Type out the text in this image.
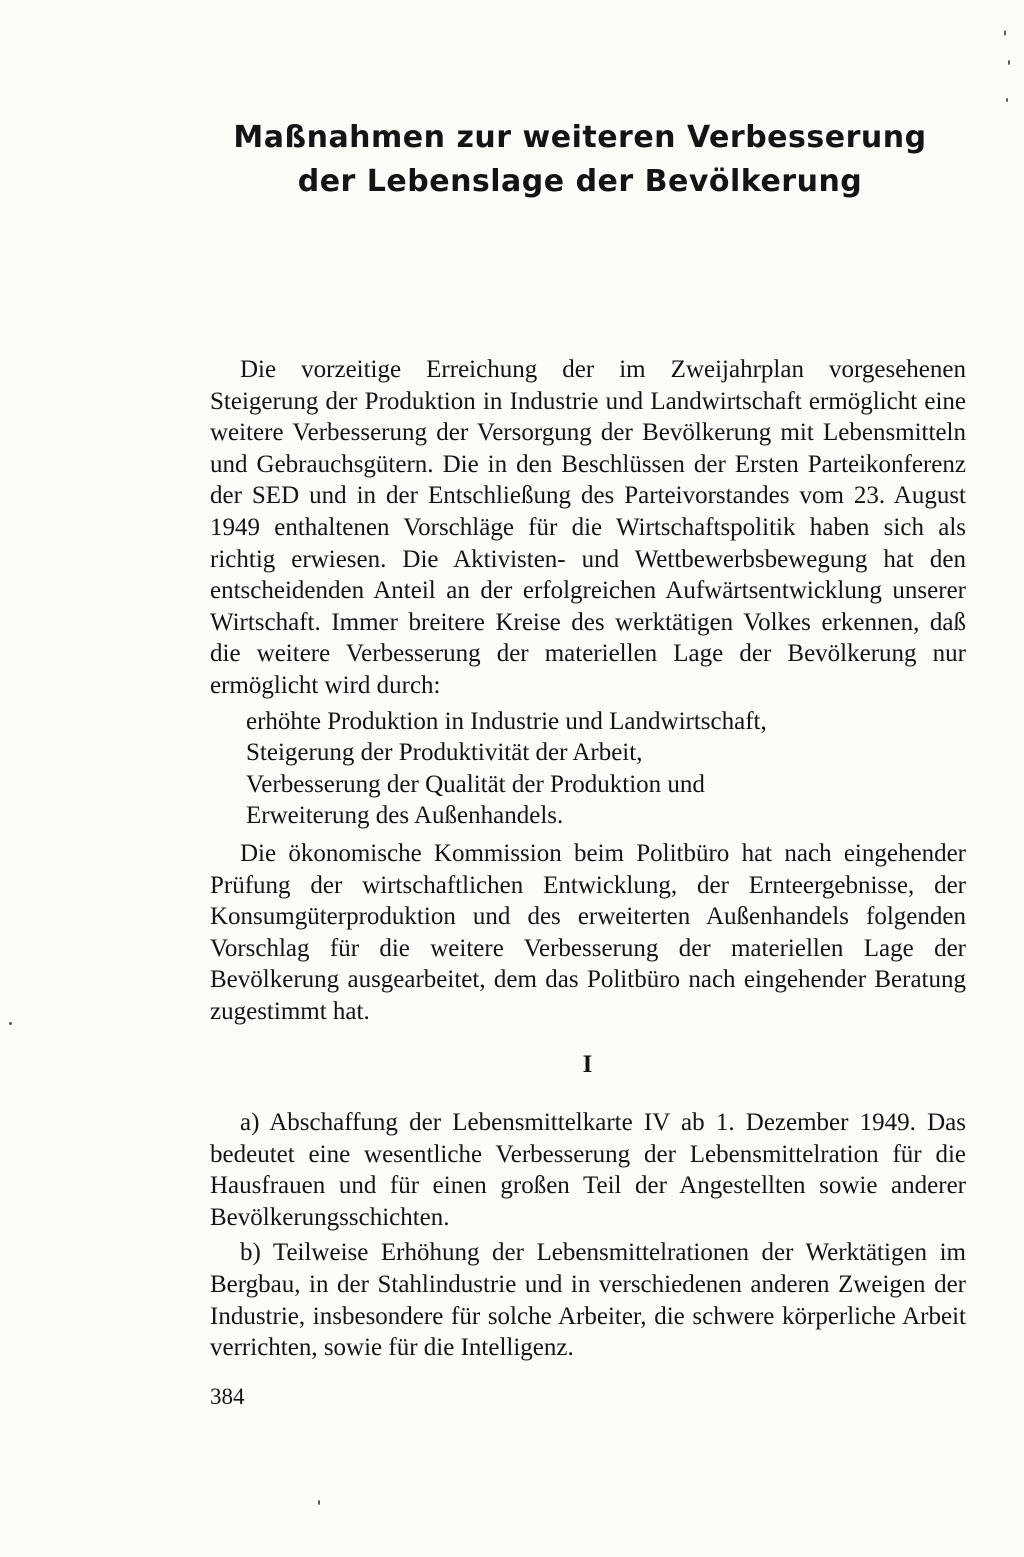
Maßnahmen zur weiteren Verbesserung
der Lebenslage der Bevölkerung

Die vorzeitige Erreichung der im Zweijahrplan vorgesehenen Steigerung der Produktion in Industrie und Landwirtschaft ermöglicht eine weitere Verbesserung der Versorgung der Bevölkerung mit Lebensmitteln und Gebrauchsgütern. Die in den Beschlüssen der Ersten Parteikonferenz der SED und in der Entschließung des Parteivorstandes vom 23. August 1949 enthaltenen Vorschläge für die Wirtschaftspolitik haben sich als richtig erwiesen. Die Aktivisten- und Wettbewerbsbewegung hat den entscheidenden Anteil an der erfolgreichen Aufwärtsentwicklung unserer Wirtschaft. Immer breitere Kreise des werktätigen Volkes erkennen, daß die weitere Verbesserung der materiellen Lage der Bevölkerung nur ermöglicht wird durch:

erhöhte Produktion in Industrie und Landwirtschaft,
Steigerung der Produktivität der Arbeit,
Verbesserung der Qualität der Produktion und
Erweiterung des Außenhandels.

Die ökonomische Kommission beim Politbüro hat nach eingehender Prüfung der wirtschaftlichen Entwicklung, der Ernteergebnisse, der Konsumgüterproduktion und des erweiterten Außenhandels folgenden Vorschlag für die weitere Verbesserung der materiellen Lage der Bevölkerung ausgearbeitet, dem das Politbüro nach eingehender Beratung zugestimmt hat.

I

a) Abschaffung der Lebensmittelkarte IV ab 1. Dezember 1949. Das bedeutet eine wesentliche Verbesserung der Lebensmittelration für die Hausfrauen und für einen großen Teil der Angestellten sowie anderer Bevölkerungsschichten.

b) Teilweise Erhöhung der Lebensmittelrationen der Werktätigen im Bergbau, in der Stahlindustrie und in verschiedenen anderen Zweigen der Industrie, insbesondere für solche Arbeiter, die schwere körperliche Arbeit verrichten, sowie für die Intelligenz.

384
